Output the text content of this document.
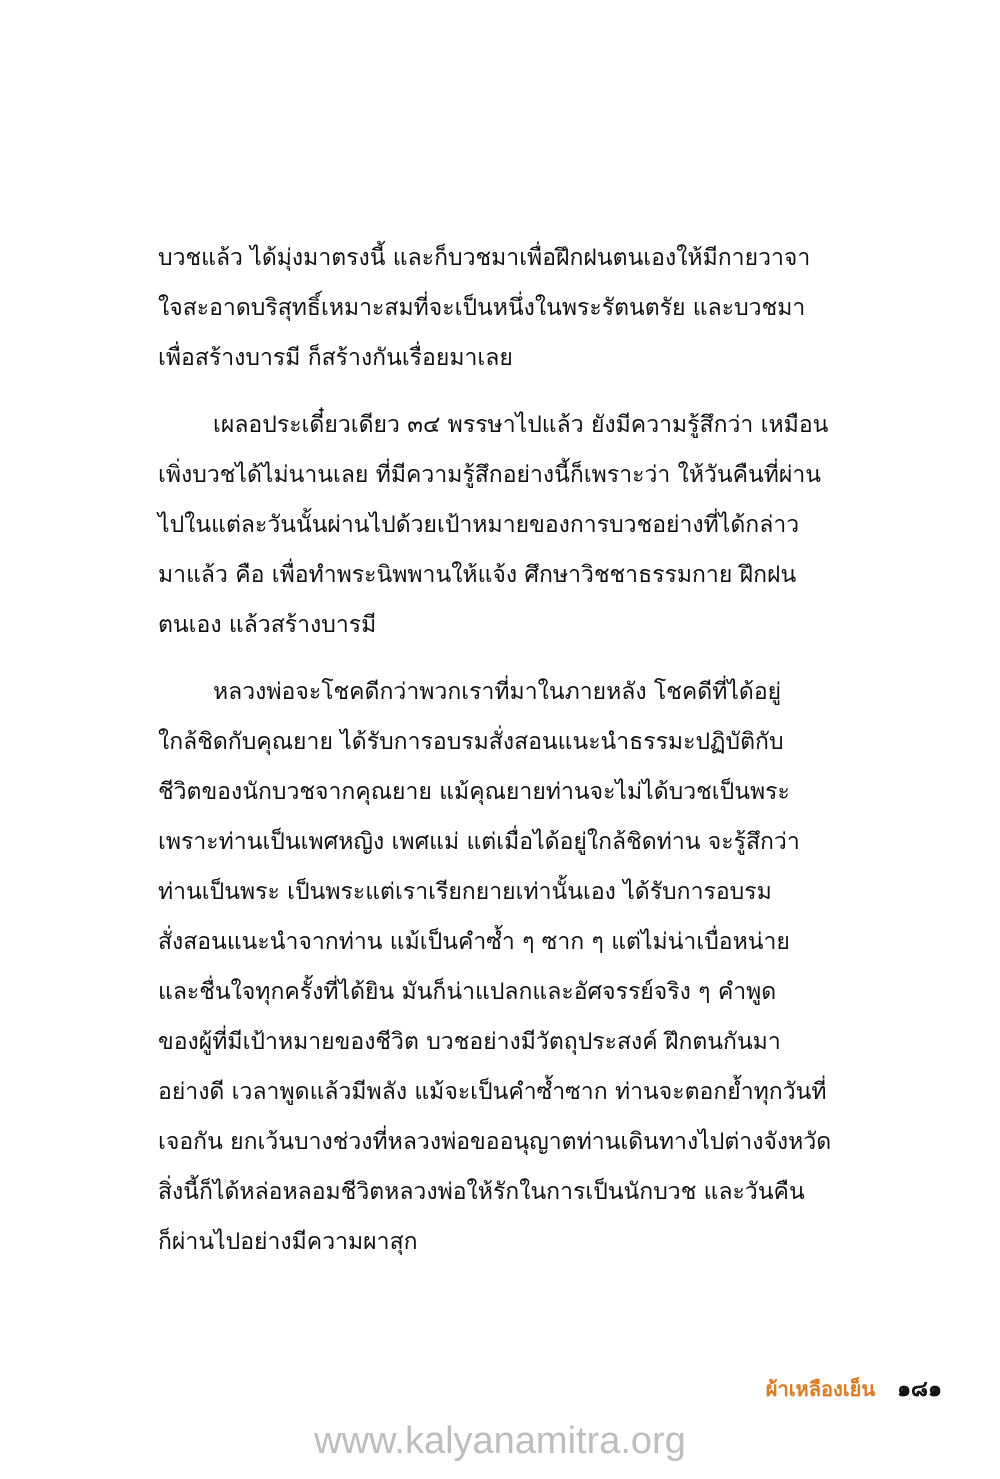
บวชแล้ว ได้มุ่งมาตรงนี้ และก็บวชมาเพื่อฝึกฝนตนเองให้มีกายวาจา
ใจสะอาดบริสุทธิ์เหมาะสมที่จะเป็นหนึ่งในพระรัตนตรัย และบวชมา
เพื่อสร้างบารมี ก็สร้างกันเรื่อยมาเลย
เผลอประเดี๋ยวเดียว ๓๔ พรรษาไปแล้ว ยังมีความรู้สึกว่า เหมือน
เพิ่งบวชได้ไม่นานเลย ที่มีความรู้สึกอย่างนี้ก็เพราะว่า ให้วันคืนที่ผ่าน
ไปในแต่ละวันนั้นผ่านไปด้วยเป้าหมายของการบวชอย่างที่ได้กล่าว
มาแล้ว คือ เพื่อทำพระนิพพานให้แจ้ง ศึกษาวิชชาธรรมกาย ฝึกฝน
ตนเอง แล้วสร้างบารมี
หลวงพ่อจะโชคดีกว่าพวกเราที่มาในภายหลัง โชคดีที่ได้อยู่
ใกล้ชิดกับคุณยาย ได้รับการอบรมสั่งสอนแนะนำธรรมะปฏิบัติกับ
ชีวิตของนักบวชจากคุณยาย แม้คุณยายท่านจะไม่ได้บวชเป็นพระ
เพราะท่านเป็นเพศหญิง เพศแม่ แต่เมื่อได้อยู่ใกล้ชิดท่าน จะรู้สึกว่า
ท่านเป็นพระ เป็นพระแต่เราเรียกยายเท่านั้นเอง ได้รับการอบรม
สั่งสอนแนะนำจากท่าน แม้เป็นคำซ้ำ ๆ ซาก ๆ แต่ไม่น่าเบื่อหน่าย
และชื่นใจทุกครั้งที่ได้ยิน มันก็น่าแปลกและอัศจรรย์จริง ๆ คำพูด
ของผู้ที่มีเป้าหมายของชีวิต บวชอย่างมีวัตถุประสงค์ ฝึกตนกันมา
อย่างดี เวลาพูดแล้วมีพลัง แม้จะเป็นคำซ้ำซาก ท่านจะตอกย้ำทุกวันที่
เจอกัน ยกเว้นบางช่วงที่หลวงพ่อขออนุญาตท่านเดินทางไปต่างจังหวัด
สิ่งนี้ก็ได้หล่อหลอมชีวิตหลวงพ่อให้รักในการเป็นนักบวช และวันคืน
ก็ผ่านไปอย่างมีความผาสุก
ผ้าเหลืองเย็น ๑๘๑
www.kalyanamitra.org
